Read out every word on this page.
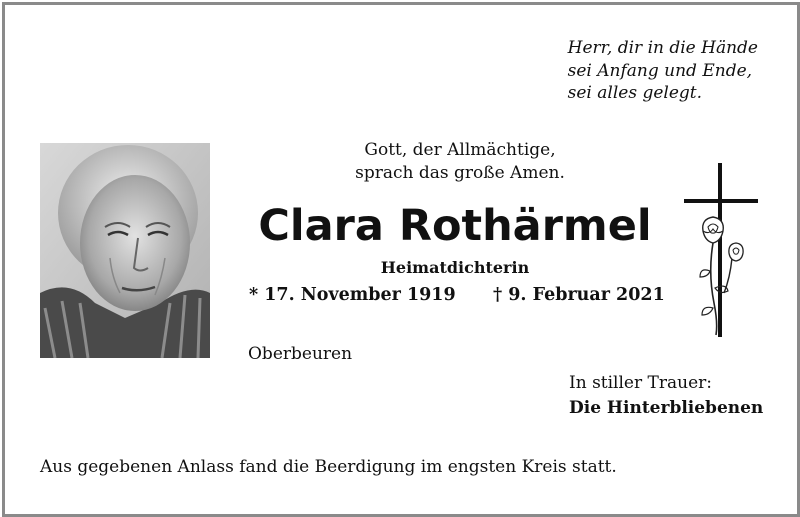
Herr, dir in die Hände
sei Anfang und Ende,
sei alles gelegt.
Gott, der Allmächtige,
sprach das große Amen.
Clara Rothärmel
Heimatdichterin
* 17. November 1919 † 9. Februar 2021
Oberbeuren
In stiller Trauer:
Die Hinterbliebenen
Aus gegebenen Anlass fand die Beerdigung im engsten Kreis statt.
